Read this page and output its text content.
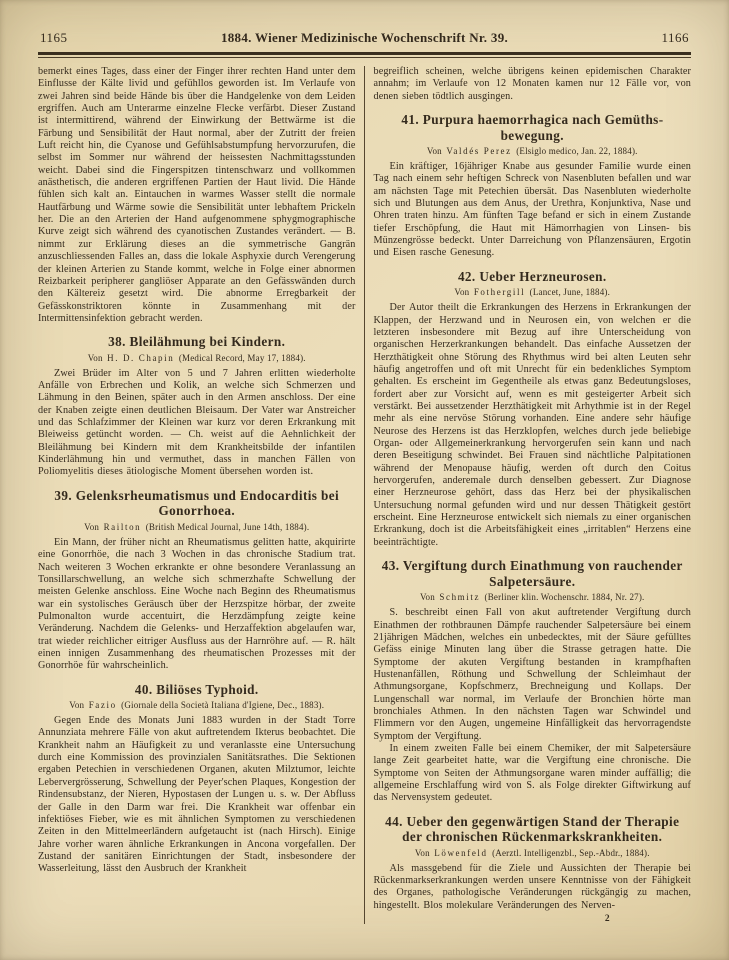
1165	1884. Wiener Medizinische Wochenschrift Nr. 39.	1166

bemerkt eines Tages, dass einer der Finger ihrer rechten Hand unter dem Einflusse der Kälte livid und gefühllos geworden ist. Im Verlaufe von zwei Jahren sind beide Hände bis über die Handgelenke von dem Leiden ergriffen. Auch am Unterarme einzelne Flecke verfärbt. Dieser Zustand ist intermittirend, während der Einwirkung der Bettwärme ist die Färbung und Sensibilität der Haut normal, aber der Zutritt der freien Luft reicht hin, die Cyanose und Gefühlsabstumpfung hervorzurufen, die selbst im Sommer nur während der heissesten Nachmittagsstunden weicht. Dabei sind die Fingerspitzen tintenschwarz und vollkommen anästhetisch, die anderen ergriffenen Partien der Haut livid. Die Hände fühlen sich kalt an. Eintauchen in warmes Wasser stellt die normale Hautfärbung und Wärme sowie die Sensibilität unter lebhaftem Prickeln her. Die an den Arterien der Hand aufgenommene sphygmographische Kurve zeigt sich während des cyanotischen Zustandes verändert. — B. nimmt zur Erklärung dieses an die symmetrische Gangrän anzuschliessenden Falles an, dass die lokale Asphyxie durch Verengerung der kleinen Arterien zu Stande kommt, welche in Folge einer abnormen Reizbarkeit peripherer gangliöser Apparate an den Gefässwänden durch den Kältereiz gesetzt wird. Die abnorme Erregbarkeit der Gefässkonstriktoren könnte in Zusammenhang mit der Intermittensinfektion gebracht werden.

38. Bleilähmung bei Kindern.
Von H. D. Chapin (Medical Record, May 17, 1884).

Zwei Brüder im Alter von 5 und 7 Jahren erlitten wiederholte Anfälle von Erbrechen und Kolik, an welche sich Schmerzen und Lähmung in den Beinen, später auch in den Armen anschloss. Der eine der Knaben zeigte einen deutlichen Bleisaum. Der Vater war Anstreicher und das Schlafzimmer der Kleinen war kurz vor deren Erkrankung mit Bleiweiss getüncht worden. — Ch. weist auf die Aehnlichkeit der Bleilähmung bei Kindern mit dem Krankheitsbilde der infantilen Kinderlähmung hin und vermuthet, dass in manchen Fällen von Poliomyelitis dieses ätiologische Moment übersehen worden ist.

39. Gelenksrheumatismus und Endocarditis bei Gonorrhoea.
Von Railton (British Medical Journal, June 14th, 1884).

Ein Mann, der früher nicht an Rheumatismus gelitten hatte, akquirirte eine Gonorrhöe, die nach 3 Wochen in das chronische Stadium trat. Nach weiteren 3 Wochen erkrankte er ohne besondere Veranlassung an Tonsillarschwellung, an welche sich schmerzhafte Schwellung der meisten Gelenke anschloss. Eine Woche nach Beginn des Rheumatismus war ein systolisches Geräusch über der Herzspitze hörbar, der zweite Pulmonalton wurde accentuirt, die Herzdämpfung zeigte keine Veränderung. Nachdem die Gelenks- und Herzaffektion abgelaufen war, trat wieder reichlicher eitriger Ausfluss aus der Harnröhre auf. — R. hält einen innigen Zusammenhang des rheumatischen Prozesses mit der Gonorrhöe für wahrscheinlich.

40. Biliöses Typhoid.
Von Fazio (Giornale della Società Italiana d'Igiene, Dec., 1883).

Gegen Ende des Monats Juni 1883 wurden in der Stadt Torre Annunziata mehrere Fälle von akut auftretendem Ikterus beobachtet. Die Krankheit nahm an Häufigkeit zu und veranlasste eine Untersuchung durch eine Kommission des provinzialen Sanitätsrathes. Die Sektionen ergaben Petechien in verschiedenen Organen, akuten Milztumor, leichte Lebervergrösserung, Schwellung der Peyer'schen Plaques, Kongestion der Rindensubstanz, der Nieren, Hypostasen der Lungen u. s. w. Der Abfluss der Galle in den Darm war frei. Die Krankheit war offenbar ein infektiöses Fieber, wie es mit ähnlichen Symptomen zu verschiedenen Zeiten in den Mittelmeerländern aufgetaucht ist (nach Hirsch). Einige Jahre vorher waren ähnliche Erkrankungen in Ancona vorgefallen. Der Zustand der sanitären Einrichtungen der Stadt, insbesondere der Wasserleitung, lässt den Ausbruch der Krankheit

begreiflich scheinen, welche übrigens keinen epidemischen Charakter annahm; im Verlaufe von 12 Monaten kamen nur 12 Fälle vor, von denen sieben tödtlich ausgingen.

41. Purpura haemorrhagica nach Gemüthsbewegung.
Von Valdés Perez (Elsiglo medico, Jan. 22, 1884).

Ein kräftiger, 16jähriger Knabe aus gesunder Familie wurde einen Tag nach einem sehr heftigen Schreck von Nasenbluten befallen und war am nächsten Tage mit Petechien übersät. Das Nasenbluten wiederholte sich und Blutungen aus dem Anus, der Urethra, Konjunktiva, Nase und Ohren traten hinzu. Am fünften Tage befand er sich in einem Zustande tiefer Erschöpfung, die Haut mit Hämorrhagien von Linsen- bis Münzengrösse bedeckt. Unter Darreichung von Pflanzensäuren, Ergotin und Eisen rasche Genesung.

42. Ueber Herzneurosen.
Von Fothergill (Lancet, June, 1884).

Der Autor theilt die Erkrankungen des Herzens in Erkrankungen der Klappen, der Herzwand und in Neurosen ein, von welchen er die letzteren insbesondere mit Bezug auf ihre Unterscheidung von organischen Herzerkrankungen behandelt. Das einfache Aussetzen der Herzthätigkeit ohne Störung des Rhythmus wird bei alten Leuten sehr häufig angetroffen und oft mit Unrecht für ein bedenkliches Symptom gehalten. Es erscheint im Gegentheile als etwas ganz Bedeutungsloses, fordert aber zur Vorsicht auf, wenn es mit gesteigerter Arbeit sich verstärkt. Bei aussetzender Herzthätigkeit mit Arhythmie ist in der Regel mehr als eine nervöse Störung vorhanden. Eine andere sehr häufige Neurose des Herzens ist das Herzklopfen, welches durch jede beliebige Organ- oder Allgemeinerkrankung hervorgerufen sein kann und nach deren Beseitigung schwindet. Bei Frauen sind nächtliche Palpitationen während der Menopause häufig, werden oft durch den Coitus hervorgerufen, anderemale durch denselben gebessert. Zur Diagnose einer Herzneurose gehört, dass das Herz bei der physikalischen Untersuchung normal gefunden wird und nur dessen Thätigkeit gestört erscheint. Eine Herzneurose entwickelt sich niemals zu einer organischen Erkrankung, doch ist die Arbeitsfähigkeit eines „irritablen“ Herzens eine beeinträchtigte.

43. Vergiftung durch Einathmung von rauchender Salpetersäure.
Von Schmitz (Berliner klin. Wochenschr. 1884, Nr. 27).

S. beschreibt einen Fall von akut auftretender Vergiftung durch Einathmen der rothbraunen Dämpfe rauchender Salpetersäure bei einem 21jährigen Mädchen, welches ein unbedecktes, mit der Säure gefülltes Gefäss einige Minuten lang über die Strasse getragen hatte. Die Symptome der akuten Vergiftung bestanden in krampfhaften Hustenanfällen, Röthung und Schwellung der Schleimhaut der Athmungsorgane, Kopfschmerz, Brechneigung und Kollaps. Der Lungenschall war normal, im Verlaufe der Bronchien hörte man bronchiales Athmen. In den nächsten Tagen war Schwindel und Flimmern vor den Augen, ungemeine Hinfälligkeit das hervorragendste Symptom der Vergiftung.

In einem zweiten Falle bei einem Chemiker, der mit Salpetersäure lange Zeit gearbeitet hatte, war die Vergiftung eine chronische. Die Symptome von Seiten der Athmungsorgane waren minder auffällig; die allgemeine Erschlaffung wird von S. als Folge direkter Giftwirkung auf das Nervensystem gedeutet.

44. Ueber den gegenwärtigen Stand der Therapie der chronischen Rückenmarkskrankheiten.
Von Löwenfeld (Aerztl. Intelligenzbl., Sep.-Abdr., 1884).

Als massgebend für die Ziele und Aussichten der Therapie bei Rückenmarkserkrankungen werden unsere Kenntnisse von der Fähigkeit des Organes, pathologische Veränderungen rückgängig zu machen, hingestellt. Blos molekulare Veränderungen des Nerven-

2
